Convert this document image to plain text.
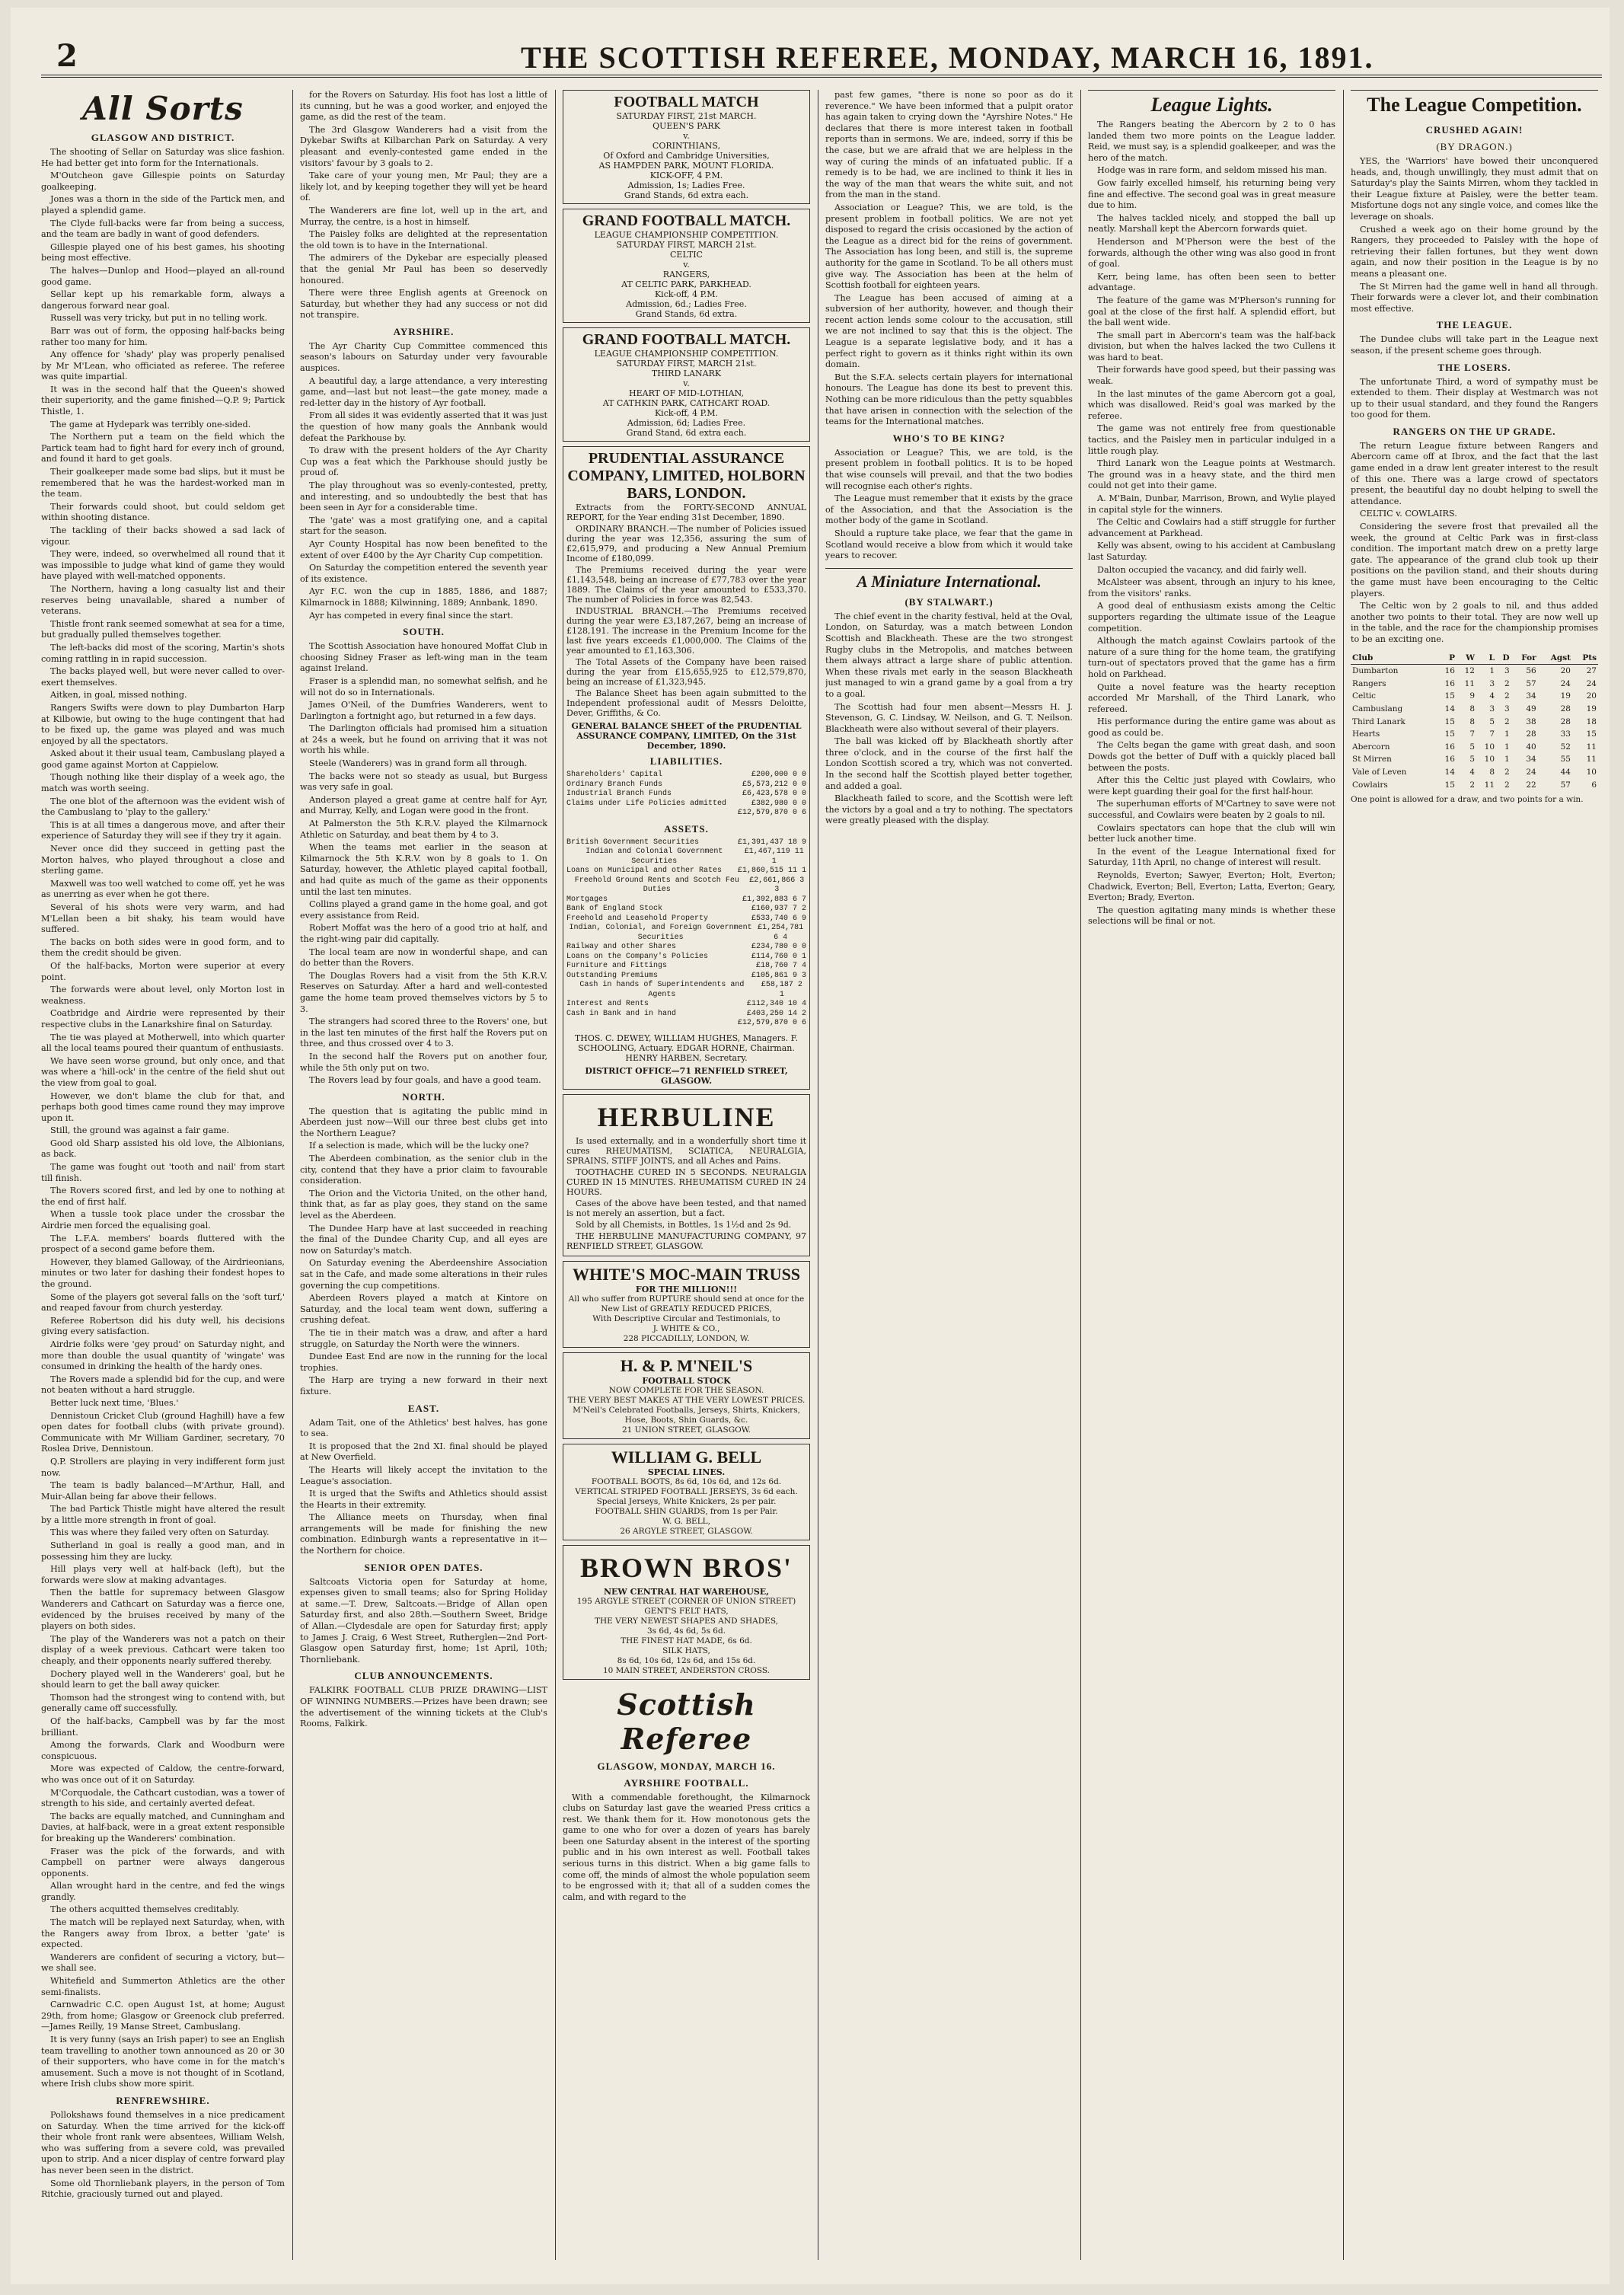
2	THE SCOTTISH REFEREE, MONDAY, MARCH 16, 1891.
All Sorts
GLASGOW AND DISTRICT.

The shooting of Sellar on Saturday was slice fashion. He had better get into form for the Internationals.

M'Outcheon gave Gillespie points on Saturday goalkeeping.

Jones was a thorn in the side of the Partick men, and played a splendid game.

The Clyde full-backs were far from being a success, and the team are badly in want of good defenders.

Gillespie played one of his best games, his shooting being most effective.

The halves—Dunlop and Hood—played an all-round good game.

Sellar kept up his remarkable form, always a dangerous forward near goal.

Russell was very tricky, but put in no telling work.

Barr was out of form, the opposing half-backs being rather too many for him.

Any offence for 'shady' play was properly penalised by Mr M'Lean, who officiated as referee. The referee was quite impartial.

It was in the second half that the Queen's showed their superiority, and the game finished—Q.P. 9; Partick Thistle, 1.

The game at Hydepark was terribly one-sided.

The Northern put a team on the field which the Partick team had to fight hard for every inch of ground, and found it hard to get goals.

Their goalkeeper made some bad slips, but it must be remembered that he was the hardest-worked man in the team.

Their forwards could shoot, but could seldom get within shooting distance.

The tackling of their backs showed a sad lack of vigour.

They were, indeed, so overwhelmed all round that it was impossible to judge what kind of game they would have played with well-matched opponents.

The Northern, having a long casualty list and their reserves being unavailable, shared a number of veterans.

Thistle front rank seemed somewhat at sea for a time, but gradually pulled themselves together.

The left-backs did most of the scoring, Martin's shots coming rattling in in rapid succession.

The backs played well, but were never called to over-exert themselves.

Aitken, in goal, missed nothing.

Rangers Swifts were down to play Dumbarton Harp at Kilbowie, but owing to the huge contingent that had to be fixed up, the game was played and was much enjoyed by all the spectators.

Asked about it their usual team, Cambuslang played a good game against Morton at Cappielow.

Though nothing like their display of a week ago, the match was worth seeing.

The one blot of the afternoon was the evident wish of the Cambuslang to 'play to the gallery.'

This is at all times a dangerous move, and after their experience of Saturday they will see if they try it again.

Never once did they succeed in getting past the Morton halves, who played throughout a close and sterling game.

Maxwell was too well watched to come off, yet he was as unerring as ever when he got there.

Several of his shots were very warm, and had M'Lellan been a bit shaky, his team would have suffered.

The backs on both sides were in good form, and to them the credit should be given.

Of the half-backs, Morton were superior at every point.

The forwards were about level, only Morton lost in weakness.

Coatbridge and Airdrie were represented by their respective clubs in the Lanarkshire final on Saturday.

The tie was played at Motherwell, into which quarter all the local teams poured their quantum of enthusiasts.

We have seen worse ground, but only once, and that was where a 'hill-ock' in the centre of the field shut out the view from goal to goal.

However, we don't blame the club for that, and perhaps both good times came round they may improve upon it.

Still, the ground was against a fair game.

Good old Sharp assisted his old love, the Albionians, as back.

The game was fought out 'tooth and nail' from start till finish.

The Rovers scored first, and led by one to nothing at the end of first half.

When a tussle took place under the crossbar the Airdrie men forced the equalising goal.

The L.F.A. members' boards fluttered with the prospect of a second game before them.

However, they blamed Galloway, of the Airdrieonians, minutes or two later for dashing their fondest hopes to the ground.

Some of the players got several falls on the 'soft turf,' and reaped favour from church yesterday.

Referee Robertson did his duty well, his decisions giving every satisfaction.

Airdrie folks were 'gey proud' on Saturday night, and more than double the usual quantity of 'wingate' was consumed in drinking the health of the hardy ones.

The Rovers made a splendid bid for the cup, and were not beaten without a hard struggle.

Better luck next time, 'Blues.'

Dennistoun Cricket Club (ground Haghill) have a few open dates for football clubs (with private ground). Communicate with Mr William Gardiner, secretary, 70 Roslea Drive, Dennistoun.

Q.P. Strollers are playing in very indifferent form just now.

The team is badly balanced—M'Arthur, Hall, and Muir-Allan being far above their fellows.

The bad Partick Thistle might have altered the result by a little more strength in front of goal.

This was where they failed very often on Saturday.

Sutherland in goal is really a good man, and in possessing him they are lucky.

Hill plays very well at half-back (left), but the forwards were slow at making advantages.

Then the battle for supremacy between Glasgow Wanderers and Cathcart on Saturday was a fierce one, evidenced by the bruises received by many of the players on both sides.

The play of the Wanderers was not a patch on their display of a week previous. Cathcart were taken too cheaply, and their opponents nearly suffered thereby.

Dochery played well in the Wanderers' goal, but he should learn to get the ball away quicker.

Thomson had the strongest wing to contend with, but generally came off successfully.

Of the half-backs, Campbell was by far the most brilliant.

Among the forwards, Clark and Woodburn were conspicuous.

More was expected of Caldow, the centre-forward, who was once out of it on Saturday.

M'Corquodale, the Cathcart custodian, was a tower of strength to his side, and certainly averted defeat.

The backs are equally matched, and Cunningham and Davies, at half-back, were in a great extent responsible for breaking up the Wanderers' combination.

Fraser was the pick of the forwards, and with Campbell on partner were always dangerous opponents.

Allan wrought hard in the centre, and fed the wings grandly.

The others acquitted themselves creditably.

The match will be replayed next Saturday, when, with the Rangers away from Ibrox, a better 'gate' is expected.

Wanderers are confident of securing a victory, but—we shall see.

Whitefield and Summerton Athletics are the other semi-finalists.

Carnwadric C.C. open August 1st, at home; August 29th, from home; Glasgow or Greenock club preferred.—James Reilly, 19 Manse Street, Cambuslang.

It is very funny (says an Irish paper) to see an English team travelling to another town announced as 20 or 30 of their supporters, who have come in for the match's amusement. Such a move is not thought of in Scotland, where Irish clubs show more spirit.

RENFREWSHIRE.

Pollokshaws found themselves in a nice predicament on Saturday. When the time arrived for the kick-off their whole front rank were absentees, William Welsh, who was suffering from a severe cold, was prevailed upon to strip. And a nicer display of centre forward play has never been seen in the district.

Some old Thornliebank players, in the person of Tom Ritchie, graciously turned out and played.

for the Rovers on Saturday. His foot has lost a little of its cunning, but he was a good worker, and enjoyed the game, as did the rest of the team.

The 3rd Glasgow Wanderers had a visit from the Dykebar Swifts at Kilbarchan Park on Saturday. A very pleasant and evenly-contested game ended in the visitors' favour by 3 goals to 2.

Take care of your young men, Mr Paul; they are a likely lot, and by keeping together they will yet be heard of.

The Wanderers are fine lot, well up in the art, and Murray, the centre, is a host in himself.

The Paisley folks are delighted at the representation the old town is to have in the International.

The admirers of the Dykebar are especially pleased that the genial Mr Paul has been so deservedly honoured.

There were three English agents at Greenock on Saturday, but whether they had any success or not did not transpire.

AYRSHIRE.

The Ayr Charity Cup Committee commenced this season's labours on Saturday under very favourable auspices.

A beautiful day, a large attendance, a very interesting game, and—last but not least—the gate money, made a red-letter day in the history of Ayr football.

From all sides it was evidently asserted that it was just the question of how many goals the Annbank would defeat the Parkhouse by.

To draw with the present holders of the Ayr Charity Cup was a feat which the Parkhouse should justly be proud of.

The play throughout was so evenly-contested, pretty, and interesting, and so undoubtedly the best that has been seen in Ayr for a considerable time.

The 'gate' was a most gratifying one, and a capital start for the season.

Ayr County Hospital has now been benefited to the extent of over £400 by the Ayr Charity Cup competition.

On Saturday the competition entered the seventh year of its existence.

Ayr F.C. won the cup in 1885, 1886, and 1887; Kilmarnock in 1888; Kilwinning, 1889; Annbank, 1890.

Ayr has competed in every final since the start.

SOUTH.

The Scottish Association have honoured Moffat Club in choosing Sidney Fraser as left-wing man in the team against Ireland.

Fraser is a splendid man, no somewhat selfish, and he will not do so in Internationals.

James O'Neil, of the Dumfries Wanderers, went to Darlington a fortnight ago, but returned in a few days.

The Darlington officials had promised him a situation at 24s a week, but he found on arriving that it was not worth his while.

Steele (Wanderers) was in grand form all through.

The backs were not so steady as usual, but Burgess was very safe in goal.

Anderson played a great game at centre half for Ayr, and Murray, Kelly, and Logan were good in the front.

At Palmerston the 5th K.R.V. played the Kilmarnock Athletic on Saturday, and beat them by 4 to 3.

When the teams met earlier in the season at Kilmarnock the 5th K.R.V. won by 8 goals to 1. On Saturday, however, the Athletic played capital football, and had quite as much of the game as their opponents until the last ten minutes.

Collins played a grand game in the home goal, and got every assistance from Reid.

Robert Moffat was the hero of a good trio at half, and the right-wing pair did capitally.

The local team are now in wonderful shape, and can do better than the Rovers.

The Douglas Rovers had a visit from the 5th K.R.V. Reserves on Saturday. After a hard and well-contested game the home team proved themselves victors by 5 to 3.

The strangers had scored three to the Rovers' one, but in the last ten minutes of the first half the Rovers put on three, and thus crossed over 4 to 3.

In the second half the Rovers put on another four, while the 5th only put on two.

The Rovers lead by four goals, and have a good team.

NORTH.

The question that is agitating the public mind in Aberdeen just now—Will our three best clubs get into the Northern League?

If a selection is made, which will be the lucky one?

The Aberdeen combination, as the senior club in the city, contend that they have a prior claim to favourable consideration.

The Orion and the Victoria United, on the other hand, think that, as far as play goes, they stand on the same level as the Aberdeen.

The Dundee Harp have at last succeeded in reaching the final of the Dundee Charity Cup, and all eyes are now on Saturday's match.

On Saturday evening the Aberdeenshire Association sat in the Cafe, and made some alterations in their rules governing the cup competitions.

Aberdeen Rovers played a match at Kintore on Saturday, and the local team went down, suffering a crushing defeat.

The tie in their match was a draw, and after a hard struggle, on Saturday the North were the winners.

Dundee East End are now in the running for the local trophies.

The Harp are trying a new forward in their next fixture.

EAST.

Adam Tait, one of the Athletics' best halves, has gone to sea.

It is proposed that the 2nd XI. final should be played at New Overfield.

The Hearts will likely accept the invitation to the League's association.

It is urged that the Swifts and Athletics should assist the Hearts in their extremity.

The Alliance meets on Thursday, when final arrangements will be made for finishing the new combination. Edinburgh wants a representative in it—the Northern for choice.

SENIOR OPEN DATES.

Saltcoats Victoria open for Saturday at home, expenses given to small teams; also for Spring Holiday at same.—T. Drew, Saltcoats.—Bridge of Allan open Saturday first, and also 28th.—Southern Sweet, Bridge of Allan.—Clydesdale are open for Saturday first; apply to James J. Craig, 6 West Street, Rutherglen—2nd Port-Glasgow open Saturday first, home; 1st April, 10th; Thornliebank.

CLUB ANNOUNCEMENTS.

FALKIRK FOOTBALL CLUB PRIZE DRAWING—LIST OF WINNING NUMBERS.—Prizes have been drawn; see the advertisement of the winning tickets at the Club's Rooms, Falkirk.

FOOTBALL MATCH
SATURDAY FIRST, 21st MARCH.
QUEEN'S PARK
v.
CORINTHIANS,
Of Oxford and Cambridge Universities,
AS HAMPDEN PARK, MOUNT FLORIDA.
KICK-OFF, 4 P.M.
Admission, 1s; Ladies Free.
Grand Stands, 6d extra each.
GRAND FOOTBALL MATCH.
LEAGUE CHAMPIONSHIP COMPETITION.
SATURDAY FIRST, MARCH 21st.
CELTIC
v.
RANGERS,
AT CELTIC PARK, PARKHEAD.
Kick-off, 4 P.M.
Admission, 6d.; Ladies Free.
Grand Stands, 6d extra.
GRAND FOOTBALL MATCH.
LEAGUE CHAMPIONSHIP COMPETITION.
SATURDAY FIRST, MARCH 21st.
THIRD LANARK
v.
HEART OF MID-LOTHIAN,
AT CATHKIN PARK, CATHCART ROAD.
Kick-off, 4 P.M.
Admission, 6d; Ladies Free.
Grand Stand, 6d extra each.
PRUDENTIAL ASSURANCE COMPANY, LIMITED, HOLBORN BARS, LONDON.

Extracts from the FORTY-SECOND ANNUAL REPORT, for the Year ending 31st December, 1890.

ORDINARY BRANCH.—The number of Policies issued during the year was 12,356, assuring the sum of £2,615,979, and producing a New Annual Premium Income of £180,099.

The Premiums received during the year were £1,143,548, being an increase of £77,783 over the year 1889. The Claims of the year amounted to £533,370. The number of Policies in force was 82,543.

INDUSTRIAL BRANCH.—The Premiums received during the year were £3,187,267, being an increase of £128,191. The increase in the Premium Income for the last five years exceeds £1,000,000. The Claims of the year amounted to £1,163,306.

The Total Assets of the Company have been raised during the year from £15,655,925 to £12,579,870, being an increase of £1,323,945.

The Balance Sheet has been again submitted to the Independent professional audit of Messrs Deloitte, Dever, Griffiths, & Co.

GENERAL BALANCE SHEET of the PRUDENTIAL ASSURANCE COMPANY, LIMITED, On the 31st December, 1890.
LIABILITIES.
Shareholders' Capital	£200,000 0 0
Ordinary Branch Funds	£5,573,212 0 0
Industrial Branch Funds	£6,423,578 0 0
Claims under Life Policies admitted	£382,980 0 0
£12,579,870 0 6
ASSETS.
British Government Securities	£1,391,437 18 9
Indian and Colonial Government Securities
£1,467,119 11 1
Loans on Municipal and other Rates £1,860,515 11 1
Freehold Ground Rents and Scotch Feu Duties
£2,661,866 3 3
Mortgages	£1,392,883 6 7
Bank of England Stock	£160,937 7 2
Freehold and Leasehold Property	£533,740 6 9
Indian, Colonial, and Foreign Government Securities
£1,254,781 6 4
Railway and other Shares	£234,780 0 0
Loans on the Company's Policies	£114,760 0 1
Furniture and Fittings	£18,760 7 4
Outstanding Premiums	£105,861 9 3
Cash in hands of Superintendents and Agents
£58,187 2 1
Interest and Rents	£112,340 10 4
Cash in Bank and in hand	£403,250 14 2
£12,579,870 0 6
THOS. C. DEWEY, WILLIAM HUGHES, Managers. F. SCHOOLING, Actuary. EDGAR HORNE, Chairman. HENRY HARBEN, Secretary.
DISTRICT OFFICE—71 RENFIELD STREET, GLASGOW.
HERBULINE

Is used externally, and in a wonderfully short time it cures RHEUMATISM, SCIATICA, NEURALGIA, SPRAINS, STIFF JOINTS, and all Aches and Pains.

TOOTHACHE CURED IN 5 SECONDS. NEURALGIA CURED IN 15 MINUTES. RHEUMATISM CURED IN 24 HOURS.

Cases of the above have been tested, and that named is not merely an assertion, but a fact.

Sold by all Chemists, in Bottles, 1s 1½d and 2s 9d.

THE HERBULINE MANUFACTURING COMPANY, 97 RENFIELD STREET, GLASGOW.

WHITE'S MOC-MAIN TRUSS
FOR THE MILLION!!!
All who suffer from RUPTURE should send at once for the New List of GREATLY REDUCED PRICES,
With Descriptive Circular and Testimonials, to
J. WHITE & CO.,
228 PICCADILLY, LONDON, W.
H. & P. M'NEIL'S
FOOTBALL STOCK
NOW COMPLETE FOR THE SEASON.
THE VERY BEST MAKES AT THE VERY LOWEST PRICES.
M'Neil's Celebrated Footballs, Jerseys, Shirts, Knickers, Hose, Boots, Shin Guards, &c.
21 UNION STREET, GLASGOW.
WILLIAM G. BELL
SPECIAL LINES.
FOOTBALL BOOTS, 8s 6d, 10s 6d, and 12s 6d.
VERTICAL STRIPED FOOTBALL JERSEYS, 3s 6d each.
Special Jerseys, White Knickers, 2s per pair.
FOOTBALL SHIN GUARDS, from 1s per Pair.
W. G. BELL,
26 ARGYLE STREET, GLASGOW.
BROWN BROS'
NEW CENTRAL HAT WAREHOUSE,
195 ARGYLE STREET (CORNER OF UNION STREET)
GENT'S FELT HATS,
THE VERY NEWEST SHAPES AND SHADES,
3s 6d, 4s 6d, 5s 6d.
THE FINEST HAT MADE, 6s 6d.
SILK HATS,
8s 6d, 10s 6d, 12s 6d, and 15s 6d.
10 MAIN STREET, ANDERSTON CROSS.
Scottish Referee
GLASGOW, MONDAY, MARCH 16.
AYRSHIRE FOOTBALL.

With a commendable forethought, the Kilmarnock clubs on Saturday last gave the wearied Press critics a rest. We thank them for it. How monotonous gets the game to one who for over a dozen of years has barely been one Saturday absent in the interest of the sporting public and in his own interest as well. Football takes serious turns in this district. When a big game falls to come off, the minds of almost the whole population seem to be engrossed with it; that all of a sudden comes the calm, and with regard to the

past few games, "there is none so poor as do it reverence." We have been informed that a pulpit orator has again taken to crying down the "Ayrshire Notes." He declares that there is more interest taken in football reports than in sermons. We are, indeed, sorry if this be the case, but we are afraid that we are helpless in the way of curing the minds of an infatuated public. If a remedy is to be had, we are inclined to think it lies in the way of the man that wears the white suit, and not from the man in the stand.

Association or League? This, we are told, is the present problem in football politics. We are not yet disposed to regard the crisis occasioned by the action of the League as a direct bid for the reins of government. The Association has long been, and still is, the supreme authority for the game in Scotland. To be all others must give way. The Association has been at the helm of Scottish football for eighteen years.

The League has been accused of aiming at a subversion of her authority, however, and though their recent action lends some colour to the accusation, still we are not inclined to say that this is the object. The League is a separate legislative body, and it has a perfect right to govern as it thinks right within its own domain.

But the S.F.A. selects certain players for international honours. The League has done its best to prevent this. Nothing can be more ridiculous than the petty squabbles that have arisen in connection with the selection of the teams for the International matches.

WHO'S TO BE KING?

Association or League? This, we are told, is the present problem in football politics. It is to be hoped that wise counsels will prevail, and that the two bodies will recognise each other's rights.

The League must remember that it exists by the grace of the Association, and that the Association is the mother body of the game in Scotland.

Should a rupture take place, we fear that the game in Scotland would receive a blow from which it would take years to recover.

A Miniature International.
(BY STALWART.)

The chief event in the charity festival, held at the Oval, London, on Saturday, was a match between London Scottish and Blackheath. These are the two strongest Rugby clubs in the Metropolis, and matches between them always attract a large share of public attention. When these rivals met early in the season Blackheath just managed to win a grand game by a goal from a try to a goal.

The Scottish had four men absent—Messrs H. J. Stevenson, G. C. Lindsay, W. Neilson, and G. T. Neilson. Blackheath were also without several of their players.

The ball was kicked off by Blackheath shortly after three o'clock, and in the course of the first half the London Scottish scored a try, which was not converted. In the second half the Scottish played better together, and added a goal.

Blackheath failed to score, and the Scottish were left the victors by a goal and a try to nothing. The spectators were greatly pleased with the display.

League Lights.

The Rangers beating the Abercorn by 2 to 0 has landed them two more points on the League ladder. Reid, we must say, is a splendid goalkeeper, and was the hero of the match.

Hodge was in rare form, and seldom missed his man.

Gow fairly excelled himself, his returning being very fine and effective. The second goal was in great measure due to him.

The halves tackled nicely, and stopped the ball up neatly. Marshall kept the Abercorn forwards quiet.

Henderson and M'Pherson were the best of the forwards, although the other wing was also good in front of goal.

Kerr, being lame, has often been seen to better advantage.

The feature of the game was M'Pherson's running for goal at the close of the first half. A splendid effort, but the ball went wide.

The small part in Abercorn's team was the half-back division, but when the halves lacked the two Cullens it was hard to beat.

Their forwards have good speed, but their passing was weak.

In the last minutes of the game Abercorn got a goal, which was disallowed. Reid's goal was marked by the referee.

The game was not entirely free from questionable tactics, and the Paisley men in particular indulged in a little rough play.

Third Lanark won the League points at Westmarch. The ground was in a heavy state, and the third men could not get into their game.

A. M'Bain, Dunbar, Marrison, Brown, and Wylie played in capital style for the winners.

The Celtic and Cowlairs had a stiff struggle for further advancement at Parkhead.

Kelly was absent, owing to his accident at Cambuslang last Saturday.

Dalton occupied the vacancy, and did fairly well.

McAlsteer was absent, through an injury to his knee, from the visitors' ranks.

A good deal of enthusiasm exists among the Celtic supporters regarding the ultimate issue of the League competition.

Although the match against Cowlairs partook of the nature of a sure thing for the home team, the gratifying turn-out of spectators proved that the game has a firm hold on Parkhead.

Quite a novel feature was the hearty reception accorded Mr Marshall, of the Third Lanark, who refereed.

His performance during the entire game was about as good as could be.

The Celts began the game with great dash, and soon Dowds got the better of Duff with a quickly placed ball between the posts.

After this the Celtic just played with Cowlairs, who were kept guarding their goal for the first half-hour.

The superhuman efforts of M'Cartney to save were not successful, and Cowlairs were beaten by 2 goals to nil.

Cowlairs spectators can hope that the club will win better luck another time.

In the event of the League International fixed for Saturday, 11th April, no change of interest will result.

Reynolds, Everton; Sawyer, Everton; Holt, Everton; Chadwick, Everton; Bell, Everton; Latta, Everton; Geary, Everton; Brady, Everton.

The question agitating many minds is whether these selections will be final or not.

The League Competition.
CRUSHED AGAIN!
(BY DRAGON.)

YES, the 'Warriors' have bowed their unconquered heads, and, though unwillingly, they must admit that on Saturday's play the Saints Mirren, whom they tackled in their League fixture at Paisley, were the better team. Misfortune dogs not any single voice, and comes like the leverage on shoals.

Crushed a week ago on their home ground by the Rangers, they proceeded to Paisley with the hope of retrieving their fallen fortunes, but they went down again, and now their position in the League is by no means a pleasant one.

The St Mirren had the game well in hand all through. Their forwards were a clever lot, and their combination most effective.

THE LEAGUE.

The Dundee clubs will take part in the League next season, if the present scheme goes through.

THE LOSERS.

The unfortunate Third, a word of sympathy must be extended to them. Their display at Westmarch was not up to their usual standard, and they found the Rangers too good for them.

RANGERS ON THE UP GRADE.

The return League fixture between Rangers and Abercorn came off at Ibrox, and the fact that the last game ended in a draw lent greater interest to the result of this one. There was a large crowd of spectators present, the beautiful day no doubt helping to swell the attendance.

CELTIC v. COWLAIRS.

Considering the severe frost that prevailed all the week, the ground at Celtic Park was in first-class condition. The important match drew on a pretty large gate. The appearance of the grand club took up their positions on the pavilion stand, and their shouts during the game must have been encouraging to the Celtic players.

The Celtic won by 2 goals to nil, and thus added another two points to their total. They are now well up in the table, and the race for the championship promises to be an exciting one.

Club	P	W	L	D	For	Agst	Pts
Dumbarton	16	12	1	3	56	20	27
Rangers	16	11	3	2	57	24	24
Celtic	15	9	4	2	34	19	20
Cambuslang	14	8	3	3	49	28	19
Third Lanark	15	8	5	2	38	28	18
Hearts	15	7	7	1	28	33	15
Abercorn	16	5	10	1	40	52	11
St Mirren	16	5	10	1	34	55	11
Vale of Leven	14	4	8	2	24	44	10
Cowlairs	15	2	11	2	22	57	6
One point is allowed for a draw, and two points for a win.
